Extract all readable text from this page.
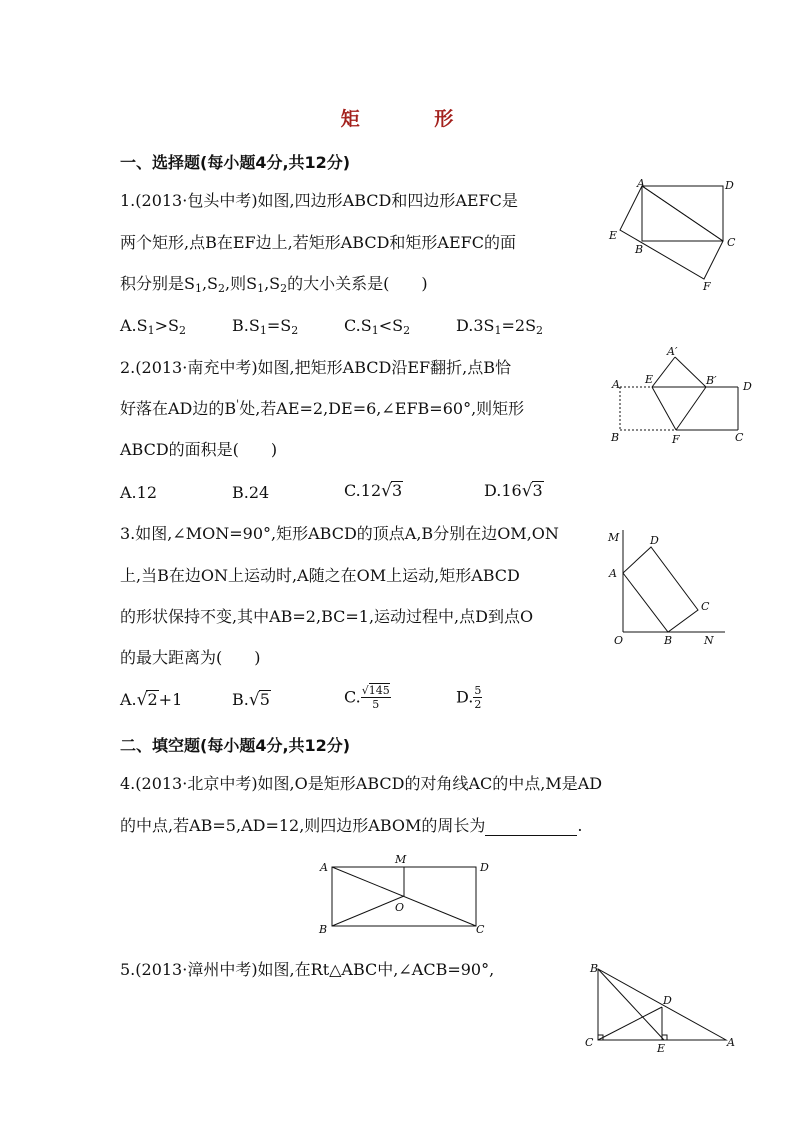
矩 形
一、选择题(每小题4分,共12分)
1.(2013·包头中考)如图,四边形ABCD和四边形AEFC是
两个矩形,点B在EF边上,若矩形ABCD和矩形AEFC的面
积分别是$S_1,S_2$,则$S_1,S_2$的大小关系是(　　)
$A.S_1>S_2$	$B.S_1=S_2$	$C.S_1<S_2$	$D.3S_1=2S_2$
A	D
E
B
C
F
2.(2013·南充中考)如图,把矩形ABCD沿EF翻折,点B恰
好落在AD边的B'处,若AE=2,DE=6,∠EFB=60°,则矩形
ABCD的面积是(　　)
A.12	B.24	C.12√3	D.16√3
A′
A E	B′ D
B	F	C
3.如图,∠MON=90°,矩形ABCD的顶点A,B分别在边OM,ON
上,当B在边ON上运动时,A随之在OM上运动,矩形ABCD
的形状保持不变,其中AB=2,BC=1,运动过程中,点D到点O
的最大距离为(　　)
A.√2+1	B.√5	C. $\frac{√145}{5}$	D. $\frac{5}{2}$
M	D
A
C
O	B	N
二、填空题(每小题4分,共12分)
4.(2013·北京中考)如图,O是矩形ABCD的对角线AC的中点,M是AD
的中点,若AB=5,AD=12,则四边形ABOM的周长为	.
A
M
D
O
B	C
5.(2013·漳州中考)如图,在Rt△ABC中,∠ACB=90°,	B
D
C	E	A
